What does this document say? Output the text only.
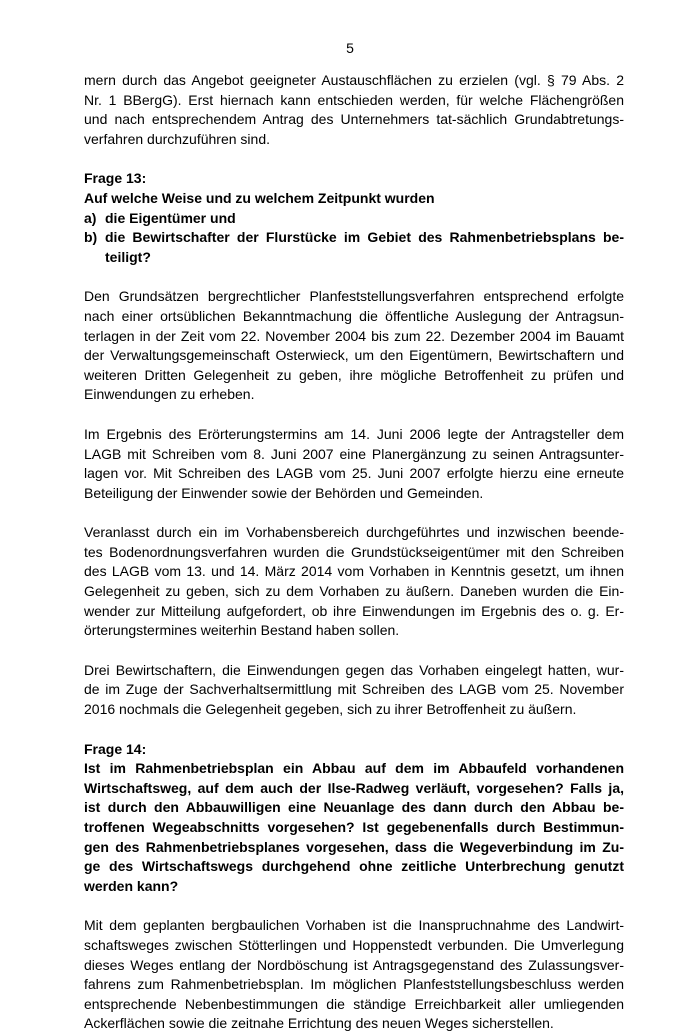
5
mern durch das Angebot geeigneter Austauschflächen zu erzielen (vgl. § 79 Abs. 2
Nr. 1 BBergG). Erst hiernach kann entschieden werden, für welche Flächengrößen
und nach entsprechendem Antrag des Unternehmers tat-sächlich Grundabtretungs-
verfahren durchzuführen sind.
Frage 13:
Auf welche Weise und zu welchem Zeitpunkt wurden
a) die Eigentümer und
b) die Bewirtschafter der Flurstücke im Gebiet des Rahmenbetriebsplans be-
teiligt?
Den Grundsätzen bergrechtlicher Planfeststellungsverfahren entsprechend erfolgte
nach einer ortsüblichen Bekanntmachung die öffentliche Auslegung der Antragsun-
terlagen in der Zeit vom 22. November 2004 bis zum 22. Dezember 2004 im Bauamt
der Verwaltungsgemeinschaft Osterwieck, um den Eigentümern, Bewirtschaftern und
weiteren Dritten Gelegenheit zu geben, ihre mögliche Betroffenheit zu prüfen und
Einwendungen zu erheben.
Im Ergebnis des Erörterungstermins am 14. Juni 2006 legte der Antragsteller dem
LAGB mit Schreiben vom 8. Juni 2007 eine Planergänzung zu seinen Antragsunter-
lagen vor. Mit Schreiben des LAGB vom 25. Juni 2007 erfolgte hierzu eine erneute
Beteiligung der Einwender sowie der Behörden und Gemeinden.
Veranlasst durch ein im Vorhabensbereich durchgeführtes und inzwischen beende-
tes Bodenordnungsverfahren wurden die Grundstückseigentümer mit den Schreiben
des LAGB vom 13. und 14. März 2014 vom Vorhaben in Kenntnis gesetzt, um ihnen
Gelegenheit zu geben, sich zu dem Vorhaben zu äußern. Daneben wurden die Ein-
wender zur Mitteilung aufgefordert, ob ihre Einwendungen im Ergebnis des o. g. Er-
örterungstermines weiterhin Bestand haben sollen.
Drei Bewirtschaftern, die Einwendungen gegen das Vorhaben eingelegt hatten, wur-
de im Zuge der Sachverhaltsermittlung mit Schreiben des LAGB vom 25. November
2016 nochmals die Gelegenheit gegeben, sich zu ihrer Betroffenheit zu äußern.
Frage 14:
Ist im Rahmenbetriebsplan ein Abbau auf dem im Abbaufeld vorhandenen
Wirtschaftsweg, auf dem auch der Ilse-Radweg verläuft, vorgesehen? Falls ja,
ist durch den Abbauwilligen eine Neuanlage des dann durch den Abbau be-
troffenen Wegeabschnitts vorgesehen? Ist gegebenenfalls durch Bestimmun-
gen des Rahmenbetriebsplanes vorgesehen, dass die Wegeverbindung im Zu-
ge des Wirtschaftswegs durchgehend ohne zeitliche Unterbrechung genutzt
werden kann?
Mit dem geplanten bergbaulichen Vorhaben ist die Inanspruchnahme des Landwirt-
schaftsweges zwischen Stötterlingen und Hoppenstedt verbunden. Die Umverlegung
dieses Weges entlang der Nordböschung ist Antragsgegenstand des Zulassungsver-
fahrens zum Rahmenbetriebsplan. Im möglichen Planfeststellungsbeschluss werden
entsprechende Nebenbestimmungen die ständige Erreichbarkeit aller umliegenden
Ackerflächen sowie die zeitnahe Errichtung des neuen Weges sicherstellen.
